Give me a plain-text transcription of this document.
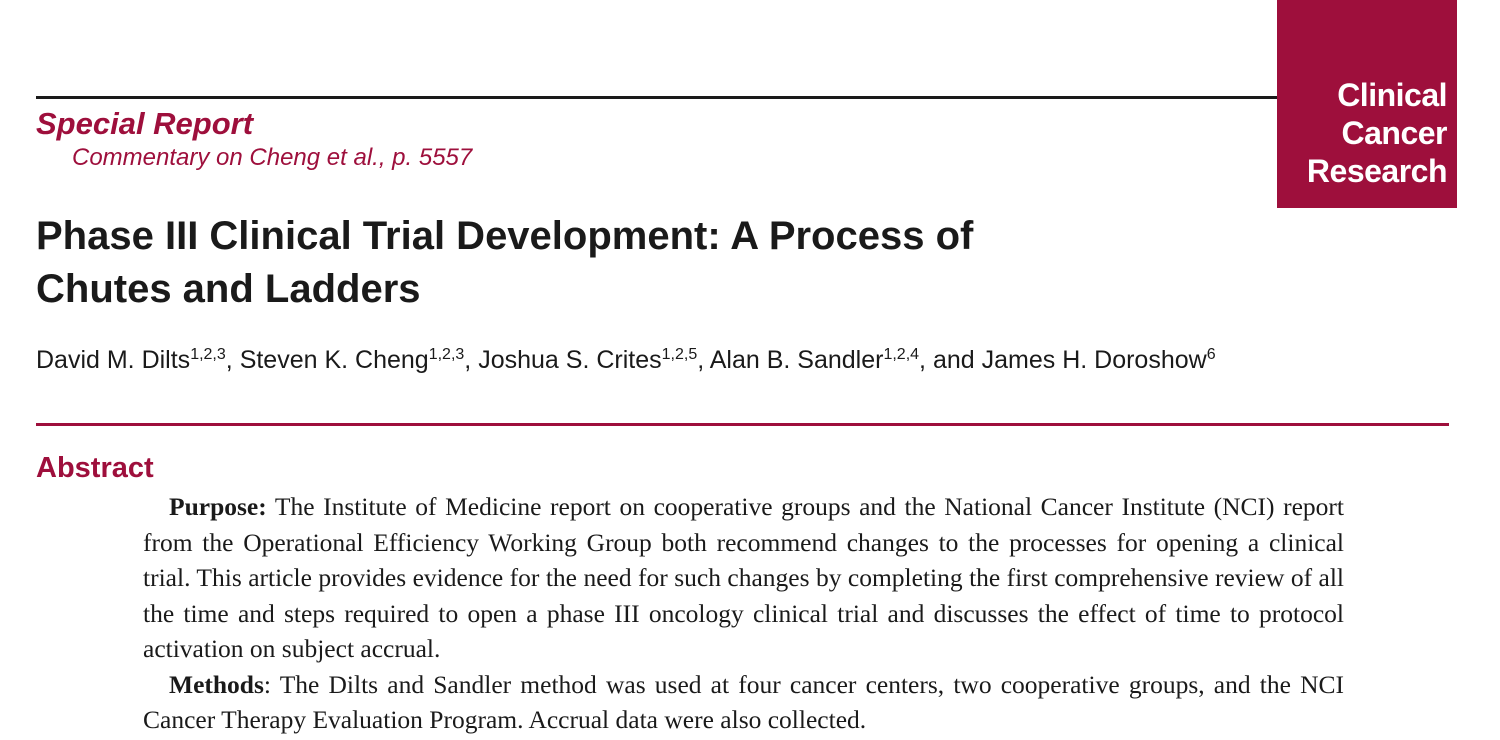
Clinical
Cancer
Research
Special Report
Commentary on Cheng et al., p. 5557
Phase III Clinical Trial Development: A Process of
Chutes and Ladders
David M. Dilts$^{1,2,3}$, Steven K. Cheng$^{1,2,3}$, Joshua S. Crites$^{1,2,5}$, Alan B. Sandler$^{1,2,4}$, and James H. Doroshow$^6$
Abstract

Purpose: The Institute of Medicine report on cooperative groups and the National Cancer Institute (NCI) report from the Operational Efficiency Working Group both recommend changes to the processes for opening a clinical trial. This article provides evidence for the need for such changes by completing the first comprehensive review of all the time and steps required to open a phase III oncology clinical trial and discusses the effect of time to protocol activation on subject accrual.

Methods: The Dilts and Sandler method was used at four cancer centers, two cooperative groups, and the NCI Cancer Therapy Evaluation Program. Accrual data were also collected.
